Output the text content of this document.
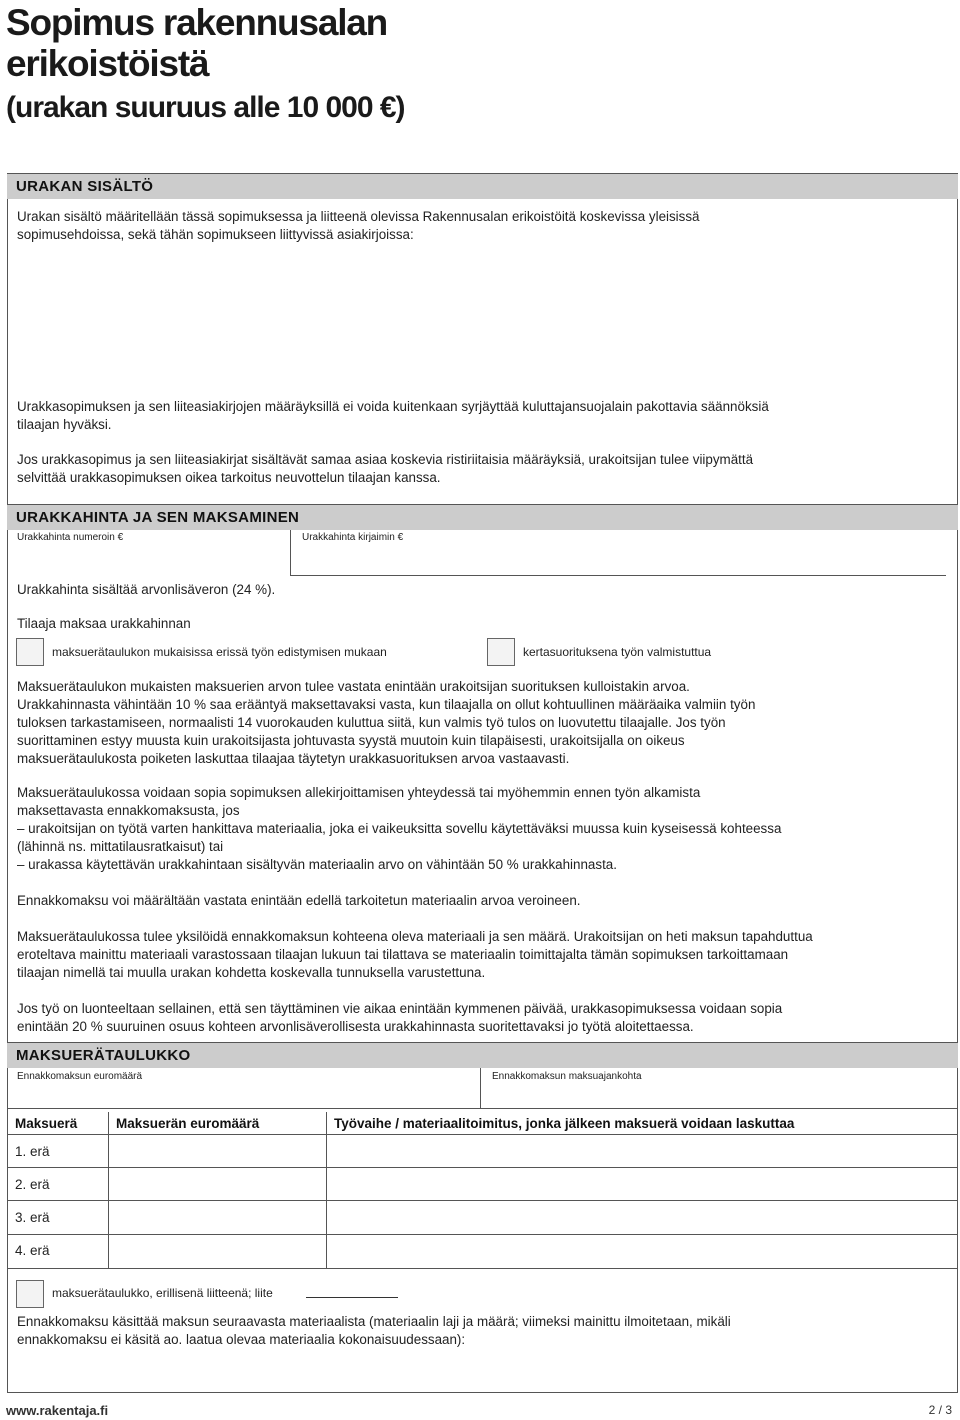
Sopimus rakennusalan
erikoistöistä
(urakan suuruus alle 10 000 €)
URAKAN SISÄLTÖ
Urakan sisältö määritellään tässä sopimuksessa ja liitteenä olevissa Rakennusalan erikoistöitä koskevissa yleisissä
sopimusehdoissa, sekä tähän sopimukseen liittyvissä asiakirjoissa:
Urakkasopimuksen ja sen liiteasiakirjojen määräyksillä ei voida kuitenkaan syrjäyttää kuluttajansuojalain pakottavia säännöksiä
tilaajan hyväksi.
Jos urakkasopimus ja sen liiteasiakirjat sisältävät samaa asiaa koskevia ristiriitaisia määräyksiä, urakoitsijan tulee viipymättä
selvittää urakkasopimuksen oikea tarkoitus neuvottelun tilaajan kanssa.
URAKKAHINTA JA SEN MAKSAMINEN
Urakkahinta numeroin €	Urakkahinta kirjaimin €
Urakkahinta sisältää arvonlisäveron (24 %).
Tilaaja maksaa urakkahinnan
maksuerätaulukon mukaisissa erissä työn edistymisen mukaan	kertasuorituksena työn valmistuttua
Maksuerätaulukon mukaisten maksuerien arvon tulee vastata enintään urakoitsijan suorituksen kulloistakin arvoa.
Urakkahinnasta vähintään 10 % saa erääntyä maksettavaksi vasta, kun tilaajalla on ollut kohtuullinen määräaika valmiin työn
tuloksen tarkastamiseen, normaalisti 14 vuorokauden kuluttua siitä, kun valmis työ tulos on luovutettu tilaajalle. Jos työn
suorittaminen estyy muusta kuin urakoitsijasta johtuvasta syystä muutoin kuin tilapäisesti, urakoitsijalla on oikeus
maksuerätaulukosta poiketen laskuttaa tilaajaa täytetyn urakkasuorituksen arvoa vastaavasti.
Maksuerätaulukossa voidaan sopia sopimuksen allekirjoittamisen yhteydessä tai myöhemmin ennen työn alkamista
maksettavasta ennakkomaksusta, jos
– urakoitsijan on työtä varten hankittava materiaalia, joka ei vaikeuksitta sovellu käytettäväksi muussa kuin kyseisessä kohteessa
(lähinnä ns. mittatilausratkaisut) tai
– urakassa käytettävän urakkahintaan sisältyvän materiaalin arvo on vähintään 50 % urakkahinnasta.
Ennakkomaksu voi määrältään vastata enintään edellä tarkoitetun materiaalin arvoa veroineen.
Maksuerätaulukossa tulee yksilöidä ennakkomaksun kohteena oleva materiaali ja sen määrä. Urakoitsijan on heti maksun tapahduttua
eroteltava mainittu materiaali varastossaan tilaajan lukuun tai tilattava se materiaalin toimittajalta tämän sopimuksen tarkoittamaan
tilaajan nimellä tai muulla urakan kohdetta koskevalla tunnuksella varustettuna.
Jos työ on luonteeltaan sellainen, että sen täyttäminen vie aikaa enintään kymmenen päivää, urakkasopimuksessa voidaan sopia
enintään 20 % suuruinen osuus kohteen arvonlisäverollisesta urakkahinnasta suoritettavaksi jo työtä aloitettaessa.
MAKSUERÄTAULUKKO
Ennakkomaksun euromäärä	Ennakkomaksun maksuajankohta
Maksuerä	Maksuerän euromäärä	Työvaihe / materiaalitoimitus, jonka jälkeen maksuerä voidaan laskuttaa
1. erä
2. erä
3. erä
4. erä
maksuerätaulukko, erillisenä liitteenä; liite
Ennakkomaksu käsittää maksun seuraavasta materiaalista (materiaalin laji ja määrä; viimeksi mainittu ilmoitetaan, mikäli
ennakkomaksu ei käsitä ao. laatua olevaa materiaalia kokonaisuudessaan):
www.rakentaja.fi	2 / 3
